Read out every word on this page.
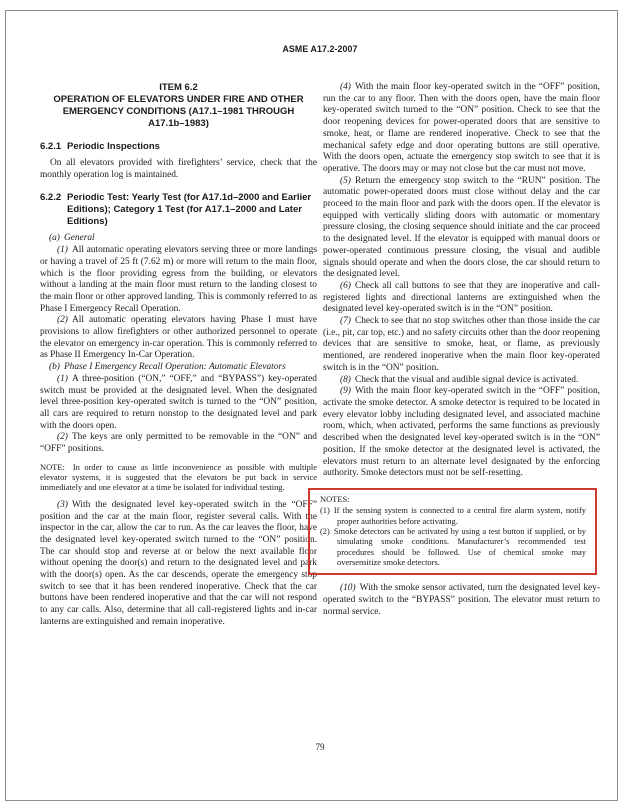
ASME A17.2-2007
ITEM 6.2
OPERATION OF ELEVATORS UNDER FIRE AND OTHER EMERGENCY CONDITIONS (A17.1–1981 THROUGH A17.1b–1983)
6.2.1 Periodic Inspections

On all elevators provided with firefighters’ service, check that the monthly operation log is maintained.

6.2.2 Periodic Test: Yearly Test (for A17.1d–2000 and Earlier Editions); Category 1 Test (for A17.1–2000 and Later Editions)

(a) General

(1) All automatic operating elevators serving three or more landings or having a travel of 25 ft (7.62 m) or more will return to the main floor, which is the floor providing egress from the building, or elevators without a landing at the main floor must return to the landing closest to the main floor or other approved landing. This is commonly referred to as Phase I Emergency Recall Operation.

(2) All automatic operating elevators having Phase I must have provisions to allow firefighters or other authorized personnel to operate the elevator on emergency in-car operation. This is commonly referred to as Phase II Emergency In-Car Operation.

(b) Phase I Emergency Recall Operation: Automatic Elevators

(1) A three-position (“ON,” “OFF,” and “BYPASS”) key-operated switch must be provided at the designated level. When the designated level three-position key-operated switch is turned to the “ON” position, all cars are required to return nonstop to the designated level and park with the doors open.

(2) The keys are only permitted to be removable in the “ON” and “OFF” positions.

NOTE: In order to cause as little inconvenience as possible with multiple elevator systems, it is suggested that the elevators be put back in service immediately and one elevator at a time be isolated for individual testing.

(3) With the designated level key-operated switch in the “OFF” position and the car at the main floor, register several calls. With the inspector in the car, allow the car to run. As the car leaves the floor, have the designated level key-operated switch turned to the “ON” position. The car should stop and reverse at or below the next available floor without opening the door(s) and return to the designated level and park with the door(s) open. As the car descends, operate the emergency stop switch to see that it has been rendered inoperative. Check that the car buttons have been rendered inoperative and that the car will not respond to any car calls. Also, determine that all call-registered lights and in-car lanterns are extinguished and remain inoperative.

(4) With the main floor key-operated switch in the “OFF” position, run the car to any floor. Then with the doors open, have the main floor key-operated switch turned to the “ON” position. Check to see that the door reopening devices for power-operated doors that are sensitive to smoke, heat, or flame are rendered inoperative. Check to see that the mechanical safety edge and door operating buttons are still operative. With the doors open, actuate the emergency stop switch to see that it is operative. The doors may or may not close but the car must not move.

(5) Return the emergency stop switch to the “RUN” position. The automatic power-operated doors must close without delay and the car proceed to the main floor and park with the doors open. If the elevator is equipped with vertically sliding doors with automatic or momentary pressure closing, the closing sequence should initiate and the car proceed to the designated level. If the elevator is equipped with manual doors or power-operated continuous pressure closing, the visual and audible signals should operate and when the doors close, the car should return to the designated level.

(6) Check all call buttons to see that they are inoperative and call-registered lights and directional lanterns are extinguished when the designated level key-operated switch is in the “ON” position.

(7) Check to see that no stop switches other than those inside the car (i.e., pit, car top, etc.) and no safety circuits other than the door reopening devices that are sensitive to smoke, heat, or flame, as previously mentioned, are rendered inoperative when the main floor key-operated switch is in the “ON” position.

(8) Check that the visual and audible signal device is activated.

(9) With the main floor key-operated switch in the “OFF” position, activate the smoke detector. A smoke detector is required to be located in every elevator lobby including designated level, and associated machine room, which, when activated, performs the same functions as previously described when the designated level key-operated switch is in the “ON” position. If the smoke detector at the designated level is activated, the elevators must return to an alternate level designated by the enforcing authority. Smoke detectors must not be self-resetting.

NOTES:

(1) If the sensing system is connected to a central fire alarm system, notify proper authorities before activating.

(2) Smoke detectors can be activated by using a test button if supplied, or by simulating smoke conditions. Manufacturer’s recommended test procedures should be followed. Use of chemical smoke may oversensitize smoke detectors.

(10) With the smoke sensor activated, turn the designated level key-operated switch to the “BYPASS” position. The elevator must return to normal service.

79
